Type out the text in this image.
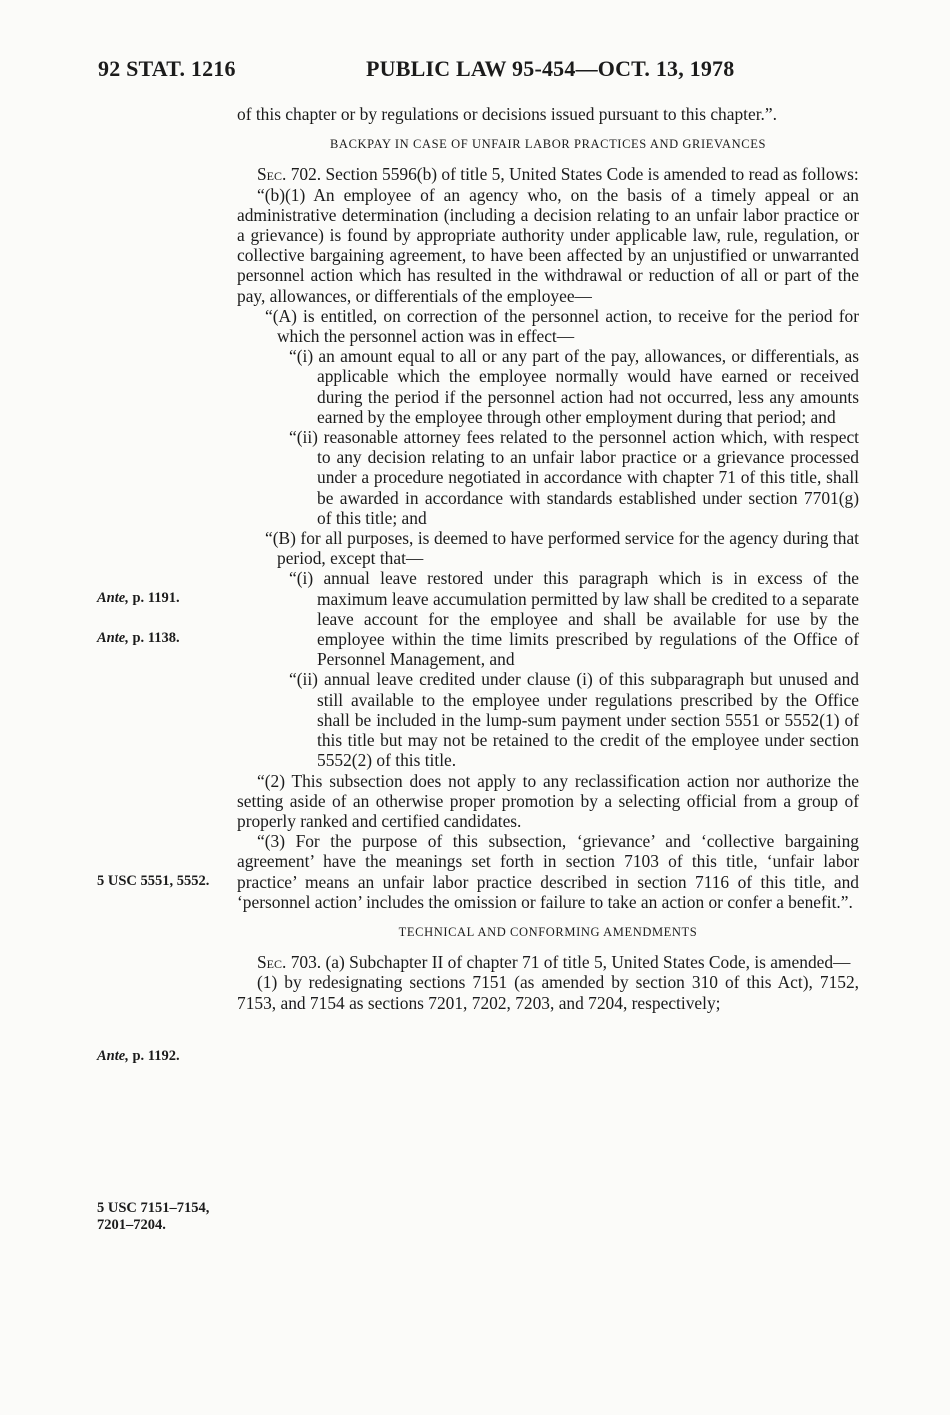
92 STAT. 1216	PUBLIC LAW 95-454—OCT. 13, 1978

of this chapter or by regulations or decisions issued pursuant to this chapter.”.

BACKPAY IN CASE OF UNFAIR LABOR PRACTICES AND GRIEVANCES

Sec. 702. Section 5596(b) of title 5, United States Code is amended to read as follows:

“(b)(1) An employee of an agency who, on the basis of a timely appeal or an administrative determination (including a decision relating to an unfair labor practice or a grievance) is found by appropriate authority under applicable law, rule, regulation, or collective bargaining agreement, to have been affected by an unjustified or unwarranted personnel action which has resulted in the withdrawal or reduction of all or part of the pay, allowances, or differentials of the employee—

“(A) is entitled, on correction of the personnel action, to receive for the period for which the personnel action was in effect—

“(i) an amount equal to all or any part of the pay, allowances, or differentials, as applicable which the employee normally would have earned or received during the period if the personnel action had not occurred, less any amounts earned by the employee through other employment during that period; and

“(ii) reasonable attorney fees related to the personnel action which, with respect to any decision relating to an unfair labor practice or a grievance processed under a procedure negotiated in accordance with chapter 71 of this title, shall be awarded in accordance with standards established under section 7701(g) of this title; and

“(B) for all purposes, is deemed to have performed service for the agency during that period, except that—

“(i) annual leave restored under this paragraph which is in excess of the maximum leave accumulation permitted by law shall be credited to a separate leave account for the employee and shall be available for use by the employee within the time limits prescribed by regulations of the Office of Personnel Management, and

“(ii) annual leave credited under clause (i) of this subparagraph but unused and still available to the employee under regulations prescribed by the Office shall be included in the lump-sum payment under section 5551 or 5552(1) of this title but may not be retained to the credit of the employee under section 5552(2) of this title.

“(2) This subsection does not apply to any reclassification action nor authorize the setting aside of an otherwise proper promotion by a selecting official from a group of properly ranked and certified candidates.

“(3) For the purpose of this subsection, ‘grievance’ and ‘collective bargaining agreement’ have the meanings set forth in section 7103 of this title, ‘unfair labor practice’ means an unfair labor practice described in section 7116 of this title, and ‘personnel action’ includes the omission or failure to take an action or confer a benefit.”.

TECHNICAL AND CONFORMING AMENDMENTS

Sec. 703. (a) Subchapter II of chapter 71 of title 5, United States Code, is amended—

(1) by redesignating sections 7151 (as amended by section 310 of this Act), 7152, 7153, and 7154 as sections 7201, 7202, 7203, and 7204, respectively;

Ante, p. 1191.
Ante, p. 1138.
5 USC 5551, 5552.
Ante, p. 1192.
5 USC 7151–7154, 7201–7204.
